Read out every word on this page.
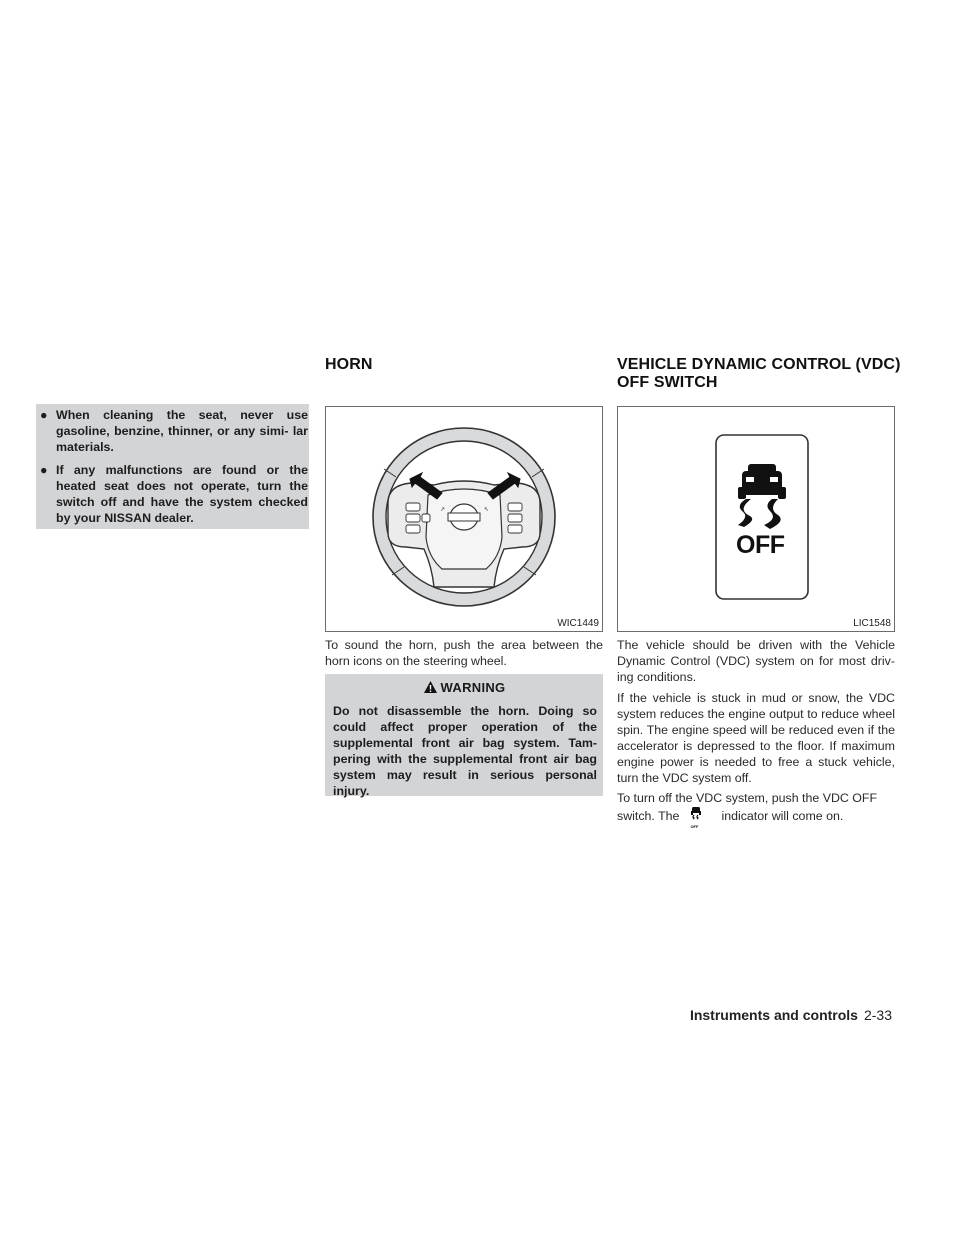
● When cleaning the seat, never use gasoline, benzine, thinner, or any simi- lar materials.
● If any malfunctions are found or the heated seat does not operate, turn the switch off and have the system checked by your NISSAN dealer.
HORN
↗	↖
WIC1449

To sound the horn, push the area between the horn icons on the steering wheel.

WARNING

Do not disassemble the horn. Doing so could affect proper operation of the supplemental front air bag system. Tam- pering with the supplemental front air bag system may result in serious personal injury.

VEHICLE DYNAMIC CONTROL (VDC)
OFF SWITCH
OFF
LIC1548

The vehicle should be driven with the Vehicle Dynamic Control (VDC) system on for most driv- ing conditions.

If the vehicle is stuck in mud or snow, the VDC system reduces the engine output to reduce wheel spin. The engine speed will be reduced even if the accelerator is depressed to the floor. If maximum engine power is needed to free a stuck vehicle, turn the VDC system off.

To turn off the VDC system, push the VDC OFF
switch. The
OFF
indicator will come on.

Instruments and controls 2-33
